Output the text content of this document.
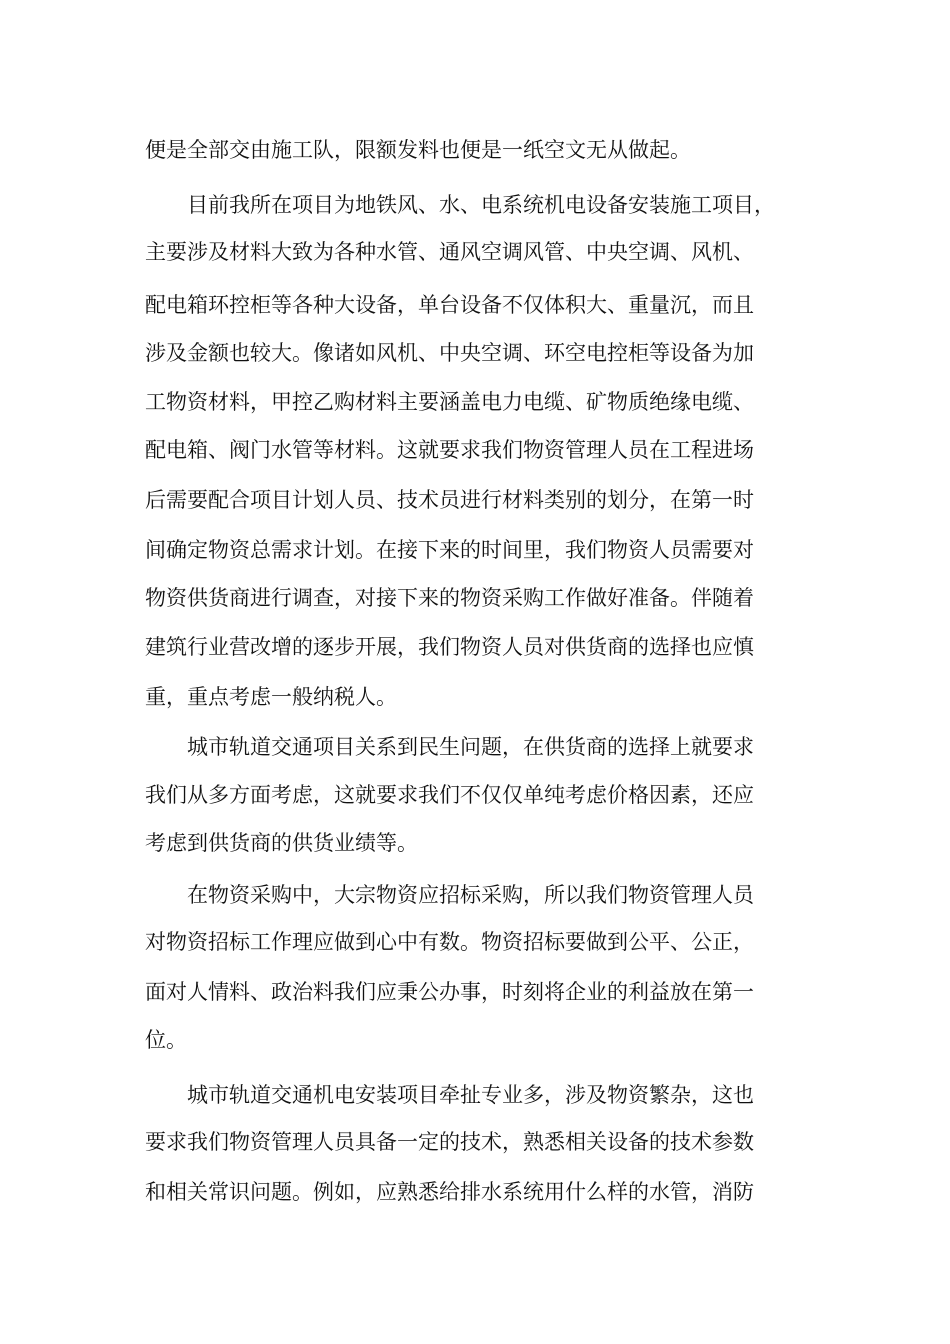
便是全部交由施工队，限额发料也便是一纸空文无从做起。
目前我所在项目为地铁风、水、电系统机电设备安装施工项目，
主要涉及材料大致为各种水管、通风空调风管、中央空调、风机、
配电箱环控柜等各种大设备，单台设备不仅体积大、重量沉，而且
涉及金额也较大。像诸如风机、中央空调、环空电控柜等设备为加
工物资材料，甲控乙购材料主要涵盖电力电缆、矿物质绝缘电缆、
配电箱、阀门水管等材料。这就要求我们物资管理人员在工程进场
后需要配合项目计划人员、技术员进行材料类别的划分，在第一时
间确定物资总需求计划。在接下来的时间里，我们物资人员需要对
物资供货商进行调查，对接下来的物资采购工作做好准备。伴随着
建筑行业营改增的逐步开展，我们物资人员对供货商的选择也应慎
重，重点考虑一般纳税人。
城市轨道交通项目关系到民生问题，在供货商的选择上就要求
我们从多方面考虑，这就要求我们不仅仅单纯考虑价格因素，还应
考虑到供货商的供货业绩等。
在物资采购中，大宗物资应招标采购，所以我们物资管理人员
对物资招标工作理应做到心中有数。物资招标要做到公平、公正，
面对人情料、政治料我们应秉公办事，时刻将企业的利益放在第一
位。
城市轨道交通机电安装项目牵扯专业多，涉及物资繁杂，这也
要求我们物资管理人员具备一定的技术，熟悉相关设备的技术参数
和相关常识问题。例如，应熟悉给排水系统用什么样的水管，消防
